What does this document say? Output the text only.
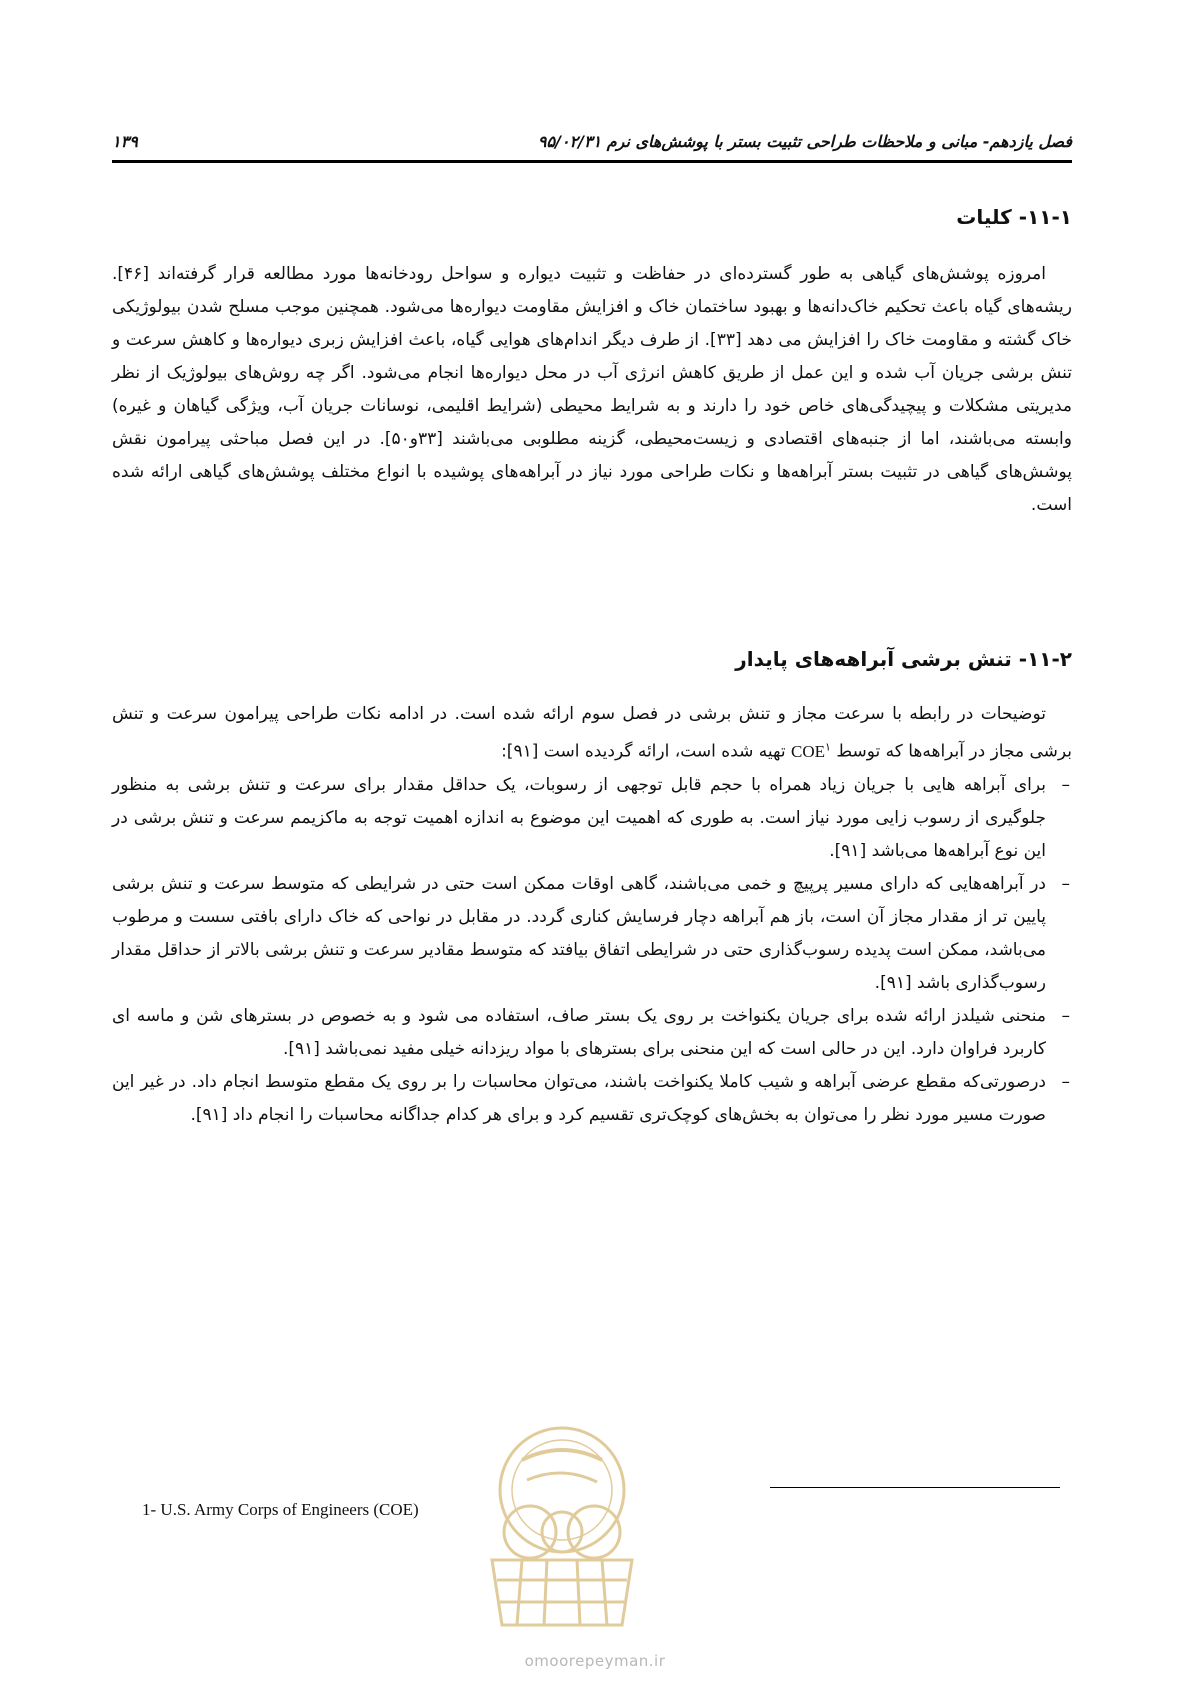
فصل یازدهم- مبانی و ملاحظات طراحی تثبیت بستر با پوشش‌های نرم ۹۵/۰۲/۳۱
۱۳۹
۱۱-۱- کلیات

امروزه پوشش‌های گیاهی به طور گسترده‌ای در حفاظت و تثبیت دیواره و سواحل رودخانه‌ها مورد مطالعه قرار گرفته‌اند [۴۶]. ریشه‌های گیاه باعث تحکیم خاک‌دانه‌ها و بهبود ساختمان خاک و افزایش مقاومت دیواره‌ها می‌شود. همچنین موجب مسلح شدن بیولوژیکی خاک گشته و مقاومت خاک را افزایش می دهد [۳۳]. از طرف دیگر اندام‌های هوایی گیاه، باعث افزایش زبری دیواره‌ها و کاهش سرعت و تنش برشی جریان آب شده و این عمل از طریق کاهش انرژی آب در محل دیواره‌ها انجام می‌شود. اگر چه روش‌های بیولوژیک از نظر مدیریتی مشکلات و پیچیدگی‌های خاص خود را دارند و به شرایط محیطی (شرایط اقلیمی، نوسانات جریان آب، ویژگی گیاهان و غیره) وابسته می‌باشند، اما از جنبه‌های اقتصادی و زیست‌محیطی، گزینه مطلوبی می‌باشند [۳۳و۵۰]. در این فصل مباحثی پیرامون نقش پوشش‌های گیاهی در تثبیت بستر آبراهه‌ها و نکات طراحی مورد نیاز در آبراهه‌های پوشیده با انواع مختلف پوشش‌های گیاهی ارائه شده است.

۱۱-۲- تنش برشی آبراهه‌های پایدار

توضیحات در رابطه با سرعت مجاز و تنش برشی در فصل سوم ارائه شده است. در ادامه نکات طراحی پیرامون سرعت و تنش برشی مجاز در آبراهه‌ها که توسط COE$^۱$ تهیه شده است، ارائه گردیده است [۹۱]:

–
برای آبراهه هایی با جریان زیاد همراه با حجم قابل توجهی از رسوبات، یک حداقل مقدار برای سرعت و تنش برشی به منظور جلوگیری از رسوب زایی مورد نیاز است. به طوری که اهمیت این موضوع به اندازه اهمیت توجه به ماکزیمم سرعت و تنش برشی در این نوع آبراهه‌ها می‌باشد [۹۱].
–
در آبراهه‌هایی که دارای مسیر پرپیچ و خمی می‌باشند، گاهی اوقات ممکن است حتی در شرایطی که متوسط سرعت و تنش برشی پایین تر از مقدار مجاز آن است، باز هم آبراهه دچار فرسایش کناری گردد. در مقابل در نواحی که خاک دارای بافتی سست و مرطوب می‌باشد، ممکن است پدیده رسوب‌گذاری حتی در شرایطی اتفاق بیافتد که متوسط مقادیر سرعت و تنش برشی بالاتر از حداقل مقدار رسوب‌گذاری باشد [۹۱].
–
منحنی شیلدز ارائه شده برای جریان یکنواخت بر روی یک بستر صاف، استفاده می شود و به خصوص در بسترهای شن و ماسه ای کاربرد فراوان دارد. این در حالی است که این منحنی برای بسترهای با مواد ریزدانه خیلی مفید نمی‌باشد [۹۱].
–
درصورتی‌که مقطع عرضی آبراهه و شیب کاملا یکنواخت باشند، می‌توان محاسبات را بر روی یک مقطع متوسط انجام داد. در غیر این صورت مسیر مورد نظر را می‌توان به بخش‌های کوچک‌تری تقسیم کرد و برای هر کدام جداگانه محاسبات را انجام داد [۹۱].
1- U.S. Army Corps of Engineers (COE)
omoorepeyman.ir
